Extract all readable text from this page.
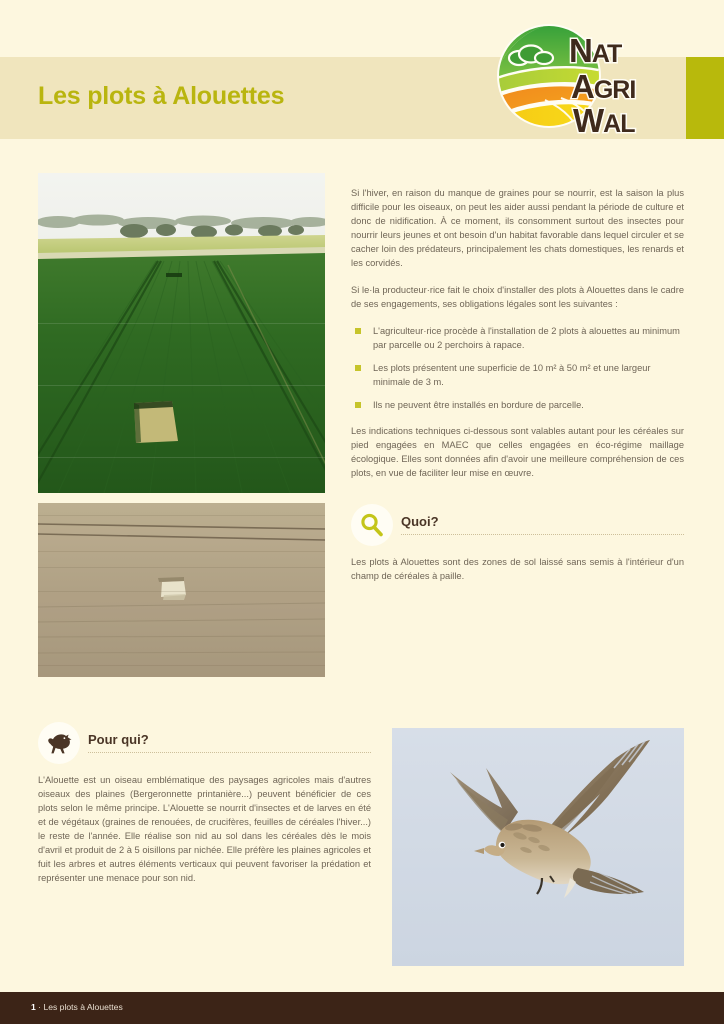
Les plots à Alouettes
NAT
AGRI
WAL

Si l'hiver, en raison du manque de graines pour se nourrir, est la saison la plus difficile pour les oiseaux, on peut les aider aussi pendant la période de culture et donc de nidification. À ce moment, ils consomment surtout des insectes pour nourrir leurs jeunes et ont besoin d'un habitat favorable dans lequel circuler et se cacher loin des prédateurs, principalement les chats domestiques, les renards et les corvidés.

Si le·la producteur·rice fait le choix d'installer des plots à Alouettes dans le cadre de ses engagements, ses obligations légales sont les suivantes :

L'agriculteur·rice procède à l'installation de 2 plots à alouettes au minimum par parcelle ou 2 perchoirs à rapace.
Les plots présentent une superficie de 10 m² à 50 m² et une largeur minimale de 3 m.
Ils ne peuvent être installés en bordure de parcelle.

Les indications techniques ci-dessous sont valables autant pour les céréales sur pied engagées en MAEC que celles engagées en éco-régime maillage écologique. Elles sont données afin d'avoir une meilleure compréhension de ces plots, en vue de faciliter leur mise en œuvre.

Quoi?

Les plots à Alouettes sont des zones de sol laissé sans semis à l'intérieur d'un champ de céréales à paille.

Pour qui?

L'Alouette est un oiseau emblématique des paysages agricoles mais d'autres oiseaux des plaines (Bergeronnette printanière...) peuvent bénéficier de ces plots selon le même principe. L'Alouette se nourrit d'insectes et de larves en été et de végétaux (graines de renouées, de crucifères, feuilles de céréales l'hiver...) le reste de l'année. Elle réalise son nid au sol dans les céréales dès le mois d'avril et produit de 2 à 5 oisillons par nichée. Elle préfère les plaines agricoles et fuit les arbres et autres éléments verticaux qui peuvent favoriser la prédation et représenter une menace pour son nid.

1 · Les plots à Alouettes
